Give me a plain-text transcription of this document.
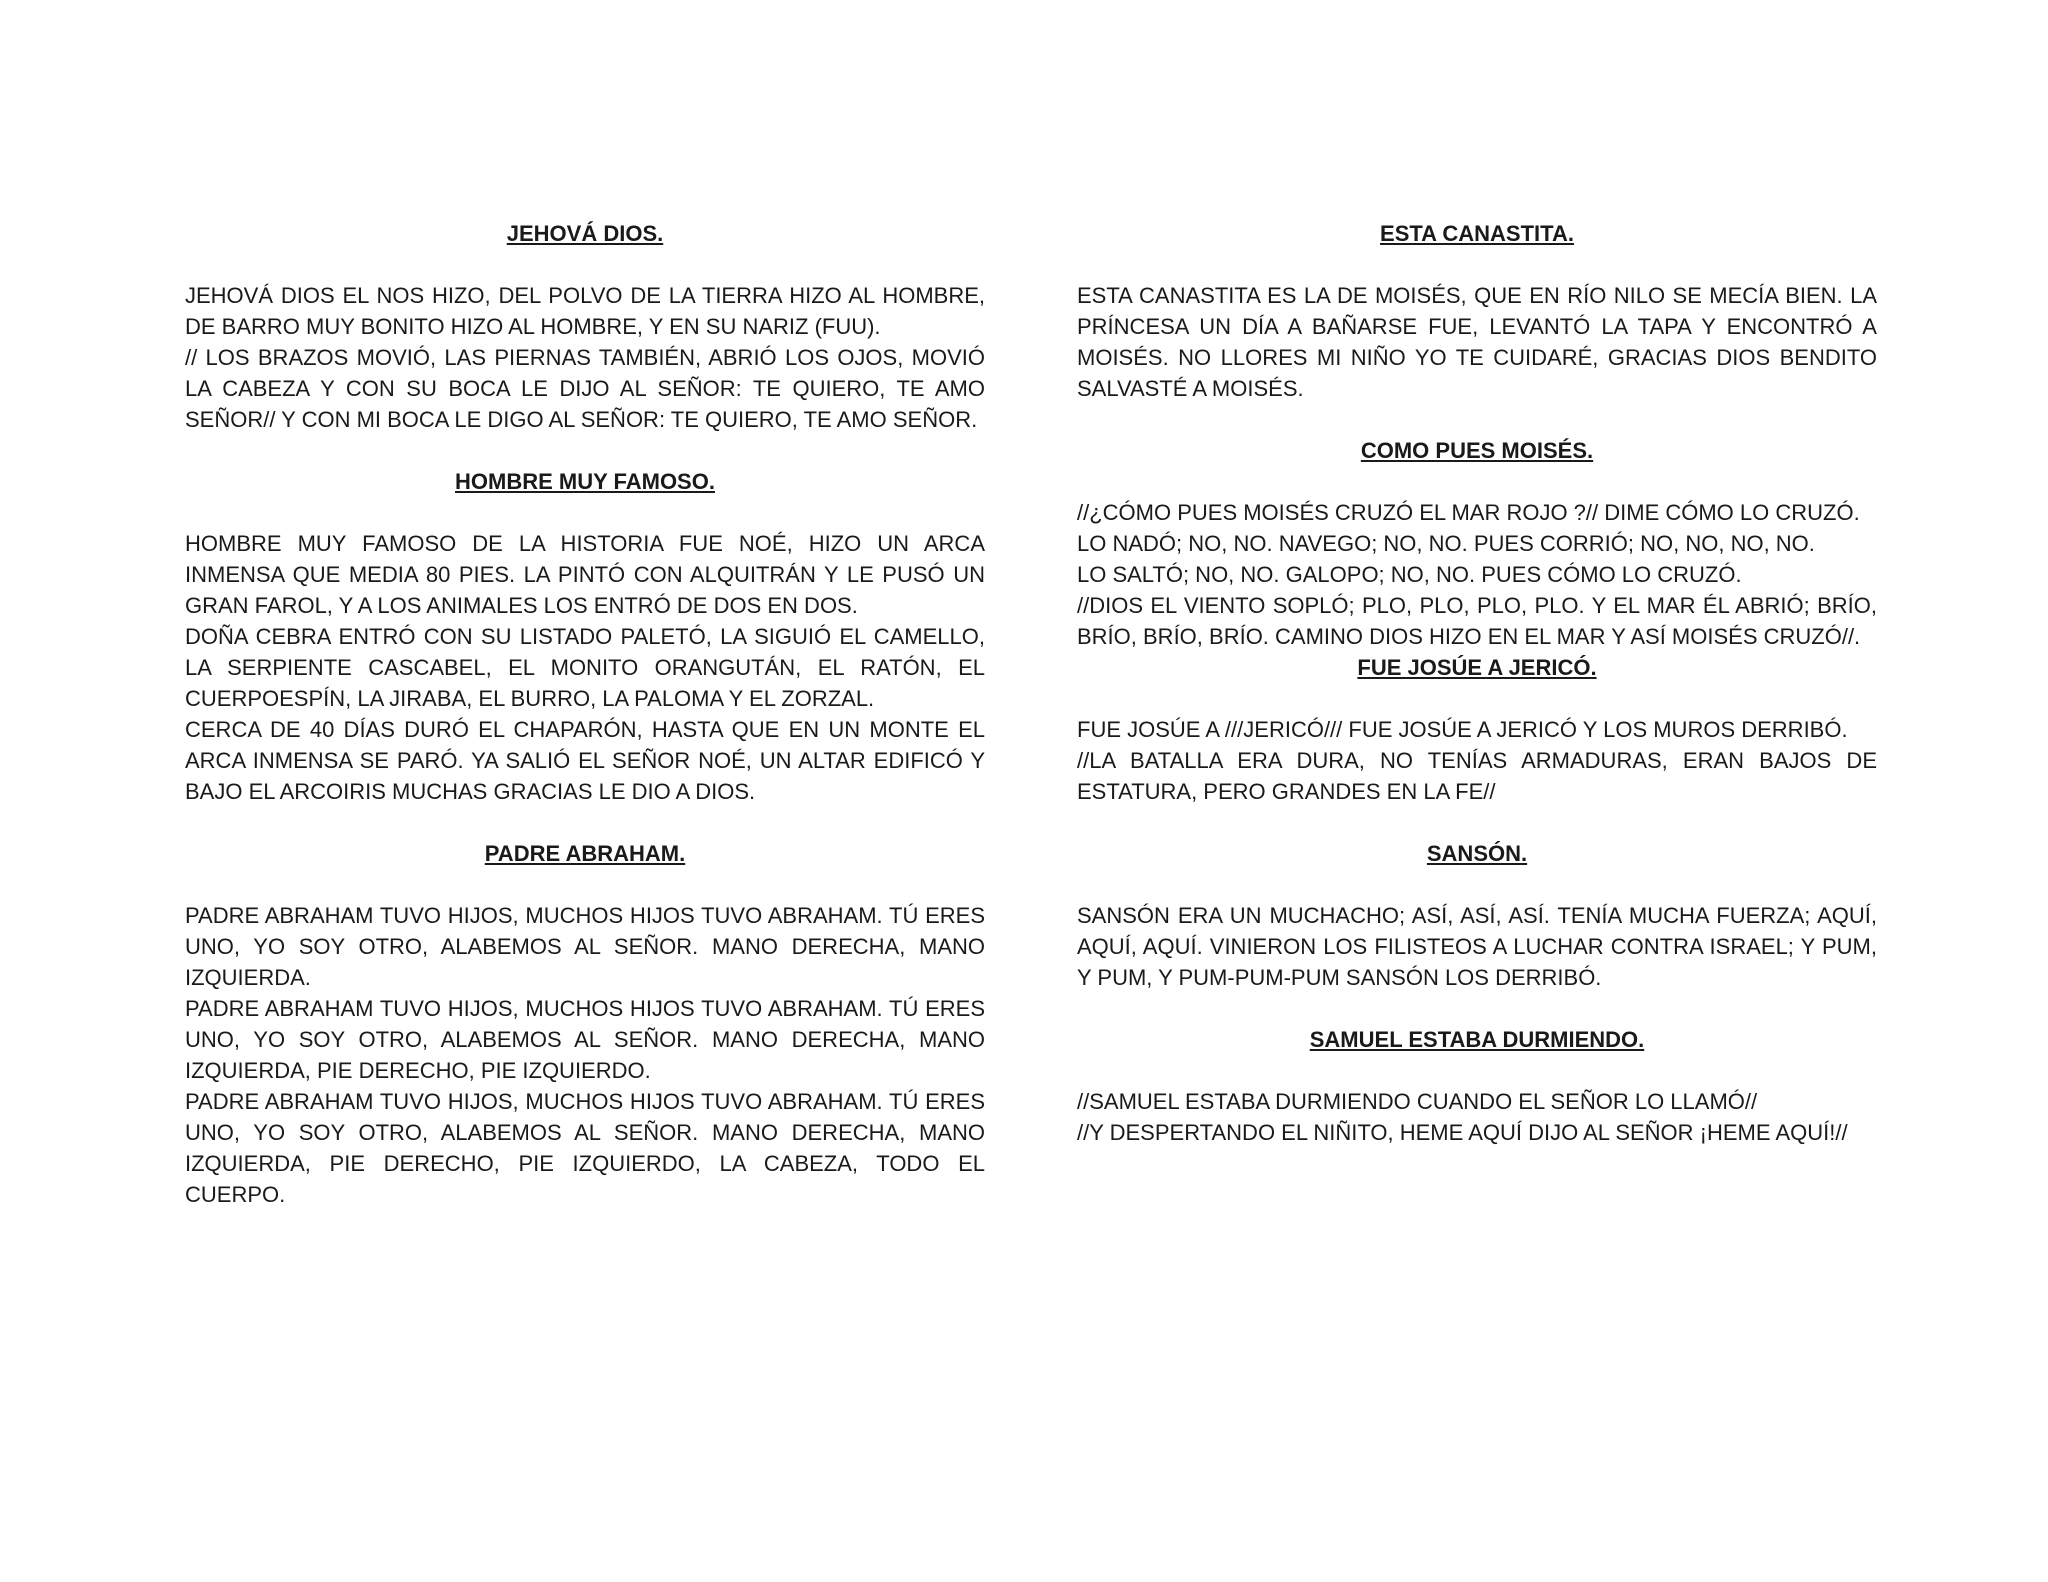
JEHOVÁ DIOS.

JEHOVÁ DIOS EL NOS HIZO, DEL POLVO DE LA TIERRA HIZO AL HOMBRE, DE BARRO MUY BONITO HIZO AL HOMBRE, Y EN SU NARIZ (FUU).

// LOS BRAZOS MOVIÓ, LAS PIERNAS TAMBIÉN, ABRIÓ LOS OJOS, MOVIÓ LA CABEZA Y CON SU BOCA LE DIJO AL SEÑOR: TE QUIERO, TE AMO SEÑOR// Y CON MI BOCA LE DIGO AL SEÑOR: TE QUIERO, TE AMO SEÑOR.

HOMBRE MUY FAMOSO.

HOMBRE MUY FAMOSO DE LA HISTORIA FUE NOÉ, HIZO UN ARCA INMENSA QUE MEDIA 80 PIES. LA PINTÓ CON ALQUITRÁN Y LE PUSÓ UN GRAN FAROL, Y A LOS ANIMALES LOS ENTRÓ DE DOS EN DOS.

DOÑA CEBRA ENTRÓ CON SU LISTADO PALETÓ, LA SIGUIÓ EL CAMELLO, LA SERPIENTE CASCABEL, EL MONITO ORANGUTÁN, EL RATÓN, EL CUERPOESPÍN, LA JIRABA, EL BURRO, LA PALOMA Y EL ZORZAL.

CERCA DE 40 DÍAS DURÓ EL CHAPARÓN, HASTA QUE EN UN MONTE EL ARCA INMENSA SE PARÓ. YA SALIÓ EL SEÑOR NOÉ, UN ALTAR EDIFICÓ Y BAJO EL ARCOIRIS MUCHAS GRACIAS LE DIO A DIOS.

PADRE ABRAHAM.

PADRE ABRAHAM TUVO HIJOS, MUCHOS HIJOS TUVO ABRAHAM. TÚ ERES UNO, YO SOY OTRO, ALABEMOS AL SEÑOR. MANO DERECHA, MANO IZQUIERDA.

PADRE ABRAHAM TUVO HIJOS, MUCHOS HIJOS TUVO ABRAHAM. TÚ ERES UNO, YO SOY OTRO, ALABEMOS AL SEÑOR. MANO DERECHA, MANO IZQUIERDA, PIE DERECHO, PIE IZQUIERDO.

PADRE ABRAHAM TUVO HIJOS, MUCHOS HIJOS TUVO ABRAHAM. TÚ ERES UNO, YO SOY OTRO, ALABEMOS AL SEÑOR. MANO DERECHA, MANO IZQUIERDA, PIE DERECHO, PIE IZQUIERDO, LA CABEZA, TODO EL CUERPO.

ESTA CANASTITA.

ESTA CANASTITA ES LA DE MOISÉS, QUE EN RÍO NILO SE MECÍA BIEN. LA PRÍNCESA UN DÍA A BAÑARSE FUE, LEVANTÓ LA TAPA Y ENCONTRÓ A MOISÉS. NO LLORES MI NIÑO YO TE CUIDARÉ, GRACIAS DIOS BENDITO SALVASTÉ A MOISÉS.

COMO PUES MOISÉS.

//¿CÓMO PUES MOISÉS CRUZÓ EL MAR ROJO ?// DIME CÓMO LO CRUZÓ.

LO NADÓ; NO, NO. NAVEGO; NO, NO. PUES CORRIÓ; NO, NO, NO, NO.

LO SALTÓ; NO, NO. GALOPO; NO, NO. PUES CÓMO LO CRUZÓ.

//DIOS EL VIENTO SOPLÓ; PLO, PLO, PLO, PLO. Y EL MAR ÉL ABRIÓ; BRÍO, BRÍO, BRÍO, BRÍO. CAMINO DIOS HIZO EN EL MAR Y ASÍ MOISÉS CRUZÓ//.

FUE JOSÚE A JERICÓ.

FUE JOSÚE A ///JERICÓ/// FUE JOSÚE A JERICÓ Y LOS MUROS DERRIBÓ.

//LA BATALLA ERA DURA, NO TENÍAS ARMADURAS, ERAN BAJOS DE ESTATURA, PERO GRANDES EN LA FE//

SANSÓN.

SANSÓN ERA UN MUCHACHO; ASÍ, ASÍ, ASÍ. TENÍA MUCHA FUERZA; AQUÍ, AQUÍ, AQUÍ. VINIERON LOS FILISTEOS A LUCHAR CONTRA ISRAEL; Y PUM, Y PUM, Y PUM-PUM-PUM SANSÓN LOS DERRIBÓ.

SAMUEL ESTABA DURMIENDO.

//SAMUEL ESTABA DURMIENDO CUANDO EL SEÑOR LO LLAMÓ//

//Y DESPERTANDO EL NIÑITO, HEME AQUÍ DIJO AL SEÑOR ¡HEME AQUÍ!//
